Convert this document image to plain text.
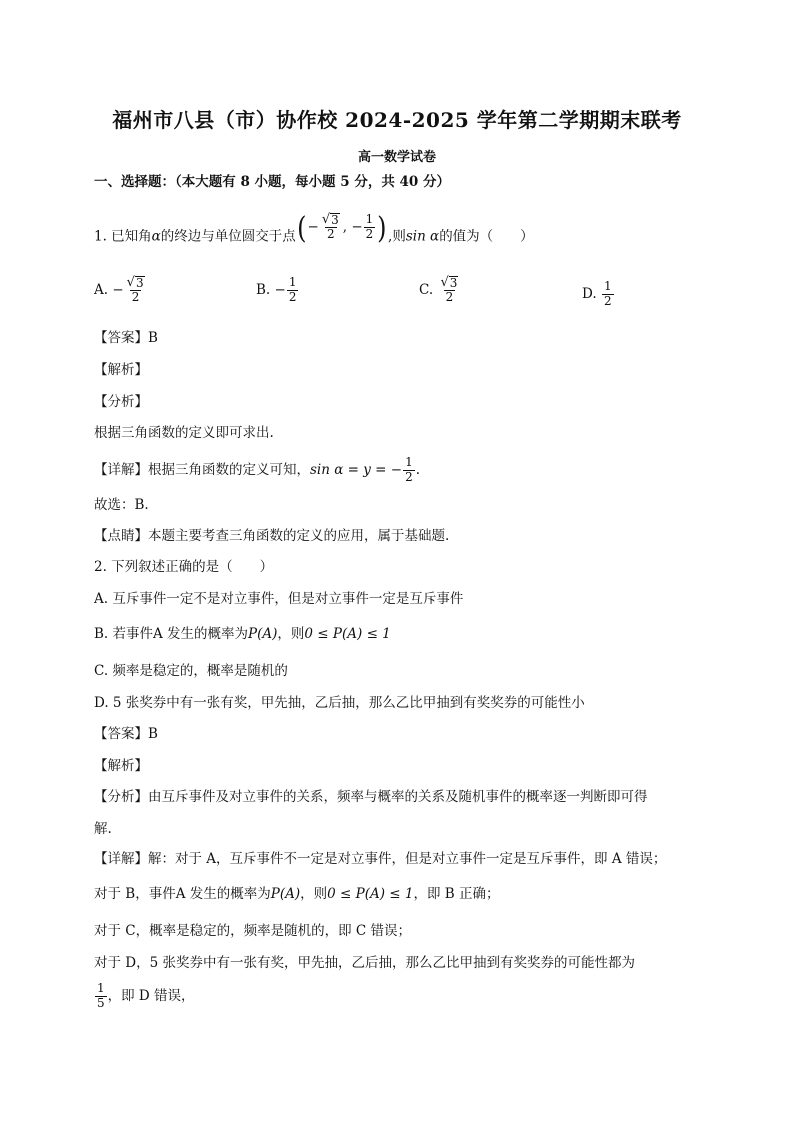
福州市八县（市）协作校 2024-2025 学年第二学期期末联考
高一数学试卷
一、选择题：（本大题有 8 小题，每小题 5 分，共 40 分）
1. 已知角α的终边与单位圆交于点(− $\frac{√ 3}{2}$ , − $\frac{1}{2}$ ),则sin α的值为（　　）
A. − $\frac{√ 3}{2}$	B. − $\frac{1}{2}$	C. $\frac{√ 3}{2}$	D. $\frac{1}{2}$
【答案】B
【解析】
【分析】
根据三角函数的定义即可求出.
【详解】根据三角函数的定义可知，sin α = y = − $\frac{1}{2}$ .
故选：B.
【点睛】本题主要考查三角函数的定义的应用，属于基础题.
2. 下列叙述正确的是（　　）
A. 互斥事件一定不是对立事件，但是对立事件一定是互斥事件
B. 若事件A 发生的概率为P(A)，则0 ≤ P(A) ≤ 1
C. 频率是稳定的，概率是随机的
D. 5 张奖券中有一张有奖，甲先抽，乙后抽，那么乙比甲抽到有奖奖券的可能性小
【答案】B
【解析】
【分析】由互斥事件及对立事件的关系，频率与概率的关系及随机事件的概率逐一判断即可得
解.
【详解】解：对于 A，互斥事件不一定是对立事件，但是对立事件一定是互斥事件，即 A 错误；
对于 B，事件A 发生的概率为P(A)，则0 ≤ P(A) ≤ 1，即 B 正确；
对于 C，概率是稳定的，频率是随机的，即 C 错误；
对于 D，5 张奖券中有一张有奖，甲先抽，乙后抽，那么乙比甲抽到有奖奖券的可能性都为
$\frac{1}{5}$ ，即 D 错误，
